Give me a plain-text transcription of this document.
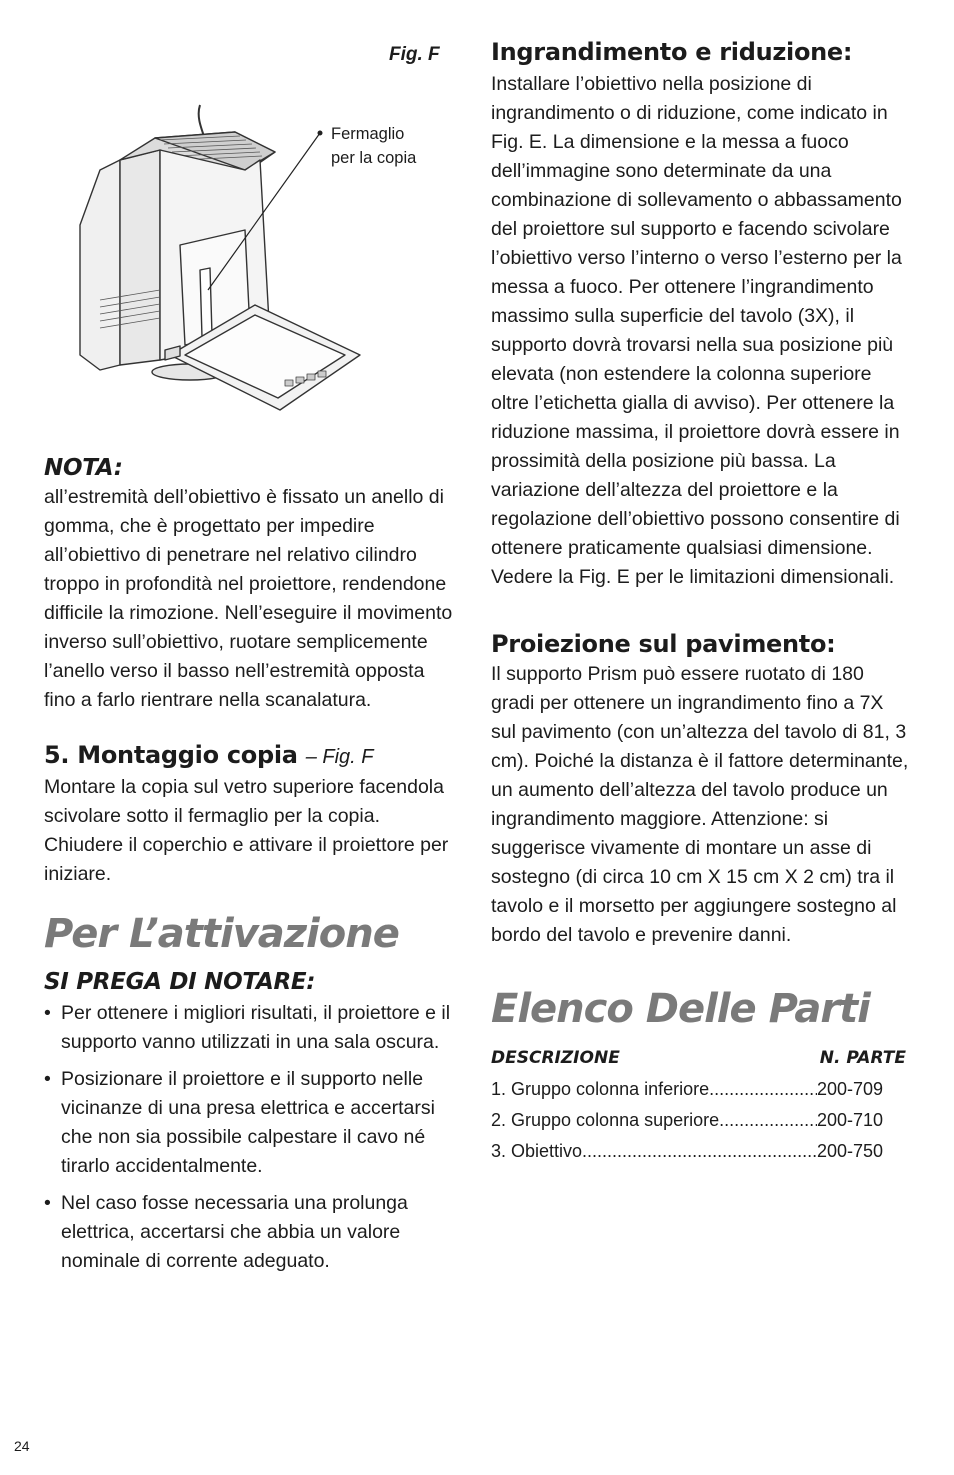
Fig. F
Fermaglio
per la copia
NOTA:

all’estremità dell’obiettivo è fissato un anello di gomma, che è progettato per impedire all’obiettivo di penetrare nel relativo cilindro troppo in profondità nel proiettore, rendendone difficile la rimozione. Nell’eseguire il movimento inverso sull’obiettivo, ruotare semplicemente l’anello verso il basso nell’estremità opposta fino a farlo rientrare nella scanalatura.

5. Montaggio copia – Fig. F

Montare la copia sul vetro superiore facendola scivolare sotto il fermaglio per la copia. Chiudere il coperchio e attivare il proiettore per iniziare.

Per L’attivazione
SI PREGA DI NOTARE:
• Per ottenere i migliori risultati, il proiettore e il supporto vanno utilizzati in una sala oscura.
• Posizionare il proiettore e il supporto nelle vicinanze di una presa elettrica e accertarsi che non sia possibile calpestare il cavo né tirarlo accidentalmente.
• Nel caso fosse necessaria una prolunga elettrica, accertarsi che abbia un valore nominale di corrente adeguato.
Ingrandimento e riduzione:

Installare l’obiettivo nella posizione di ingrandimento o di riduzione, come indicato in Fig. E. La dimensione e la messa a fuoco dell’immagine sono determinate da una combinazione di sollevamento o abbassamento del proiettore sul supporto e facendo scivolare l’obiettivo verso l’interno o verso l’esterno per la messa a fuoco. Per ottenere l’ingrandimento massimo sulla superficie del tavolo (3X), il supporto dovrà trovarsi nella sua posizione più elevata (non estendere la colonna superiore oltre l’etichetta gialla di avviso). Per ottenere la riduzione massima, il proiettore dovrà essere in prossimità della posizione più bassa. La variazione dell’altezza del proiettore e la regolazione dell’obiettivo possono consentire di ottenere praticamente qualsiasi dimensione. Vedere la Fig. E per le limitazioni dimensionali.

Proiezione sul pavimento:

Il supporto Prism può essere ruotato di 180 gradi per ottenere un ingrandimento fino a 7X sul pavimento (con un’altezza del tavolo di 81, 3 cm). Poiché la distanza è il fattore determinante, un aumento dell’altezza del tavolo produce un ingrandimento maggiore. Attenzione: si suggerisce vivamente di montare un asse di sostegno (di circa 10 cm X 15 cm X 2 cm) tra il tavolo e il morsetto per aggiungere sostegno al bordo del tavolo e prevenire danni.

Elenco Delle Parti
DESCRIZIONE	N. PARTE
1. Gruppo colonna inferiore .....	200-709
2. Gruppo colonna superiore .....	200-710
3. Obiettivo .....	200-750
24
